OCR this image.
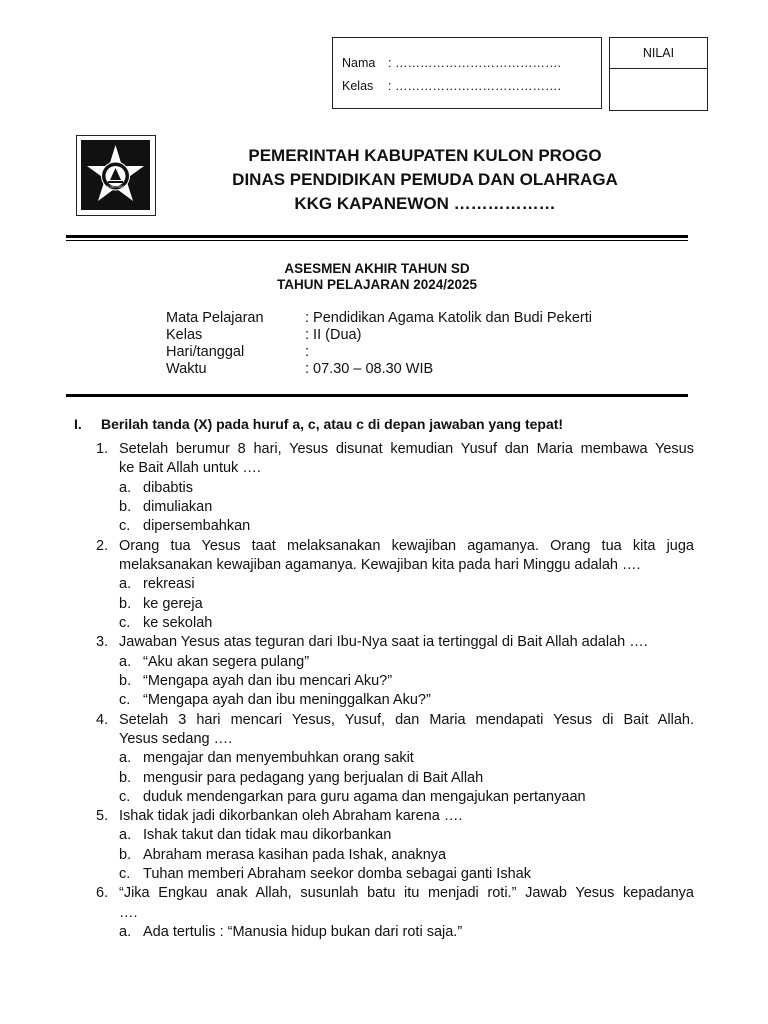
Nama : ………………………………….
Kelas : ………………………………….
NILAI
KULON PROGO
PEMERINTAH KABUPATEN KULON PROGO
DINAS PENDIDIKAN PEMUDA DAN OLAHRAGA
KKG KAPANEWON ………………
ASESMEN AKHIR TAHUN SD
TAHUN PELAJARAN 2024/2025
Mata Pelajaran	: Pendidikan Agama Katolik dan Budi Pekerti
Kelas	: II (Dua)
Hari/tanggal	:
Waktu	: 07.30 – 08.30 WIB
I. Berilah tanda (X) pada huruf a, c, atau c di depan jawaban yang tepat!
1. Setelah berumur 8 hari, Yesus disunat kemudian Yusuf dan Maria membawa Yesus
ke Bait Allah untuk ….
a. dibabtis
b. dimuliakan
c. dipersembahkan
2. Orang tua Yesus taat melaksanakan kewajiban agamanya. Orang tua kita juga
melaksanakan kewajiban agamanya. Kewajiban kita pada hari Minggu adalah ….
a. rekreasi
b. ke gereja
c. ke sekolah
3. Jawaban Yesus atas teguran dari Ibu-Nya saat ia tertinggal di Bait Allah adalah ….
a. “Aku akan segera pulang”
b. “Mengapa ayah dan ibu mencari Aku?”
c. “Mengapa ayah dan ibu meninggalkan Aku?”
4. Setelah 3 hari mencari Yesus, Yusuf, dan Maria mendapati Yesus di Bait Allah.
Yesus sedang ….
a. mengajar dan menyembuhkan orang sakit
b. mengusir para pedagang yang berjualan di Bait Allah
c. duduk mendengarkan para guru agama dan mengajukan pertanyaan
5. Ishak tidak jadi dikorbankan oleh Abraham karena ….
a. Ishak takut dan tidak mau dikorbankan
b. Abraham merasa kasihan pada Ishak, anaknya
c. Tuhan memberi Abraham seekor domba sebagai ganti Ishak
6. “Jika Engkau anak Allah, susunlah batu itu menjadi roti.” Jawab Yesus kepadanya
….
a. Ada tertulis : “Manusia hidup bukan dari roti saja.”
